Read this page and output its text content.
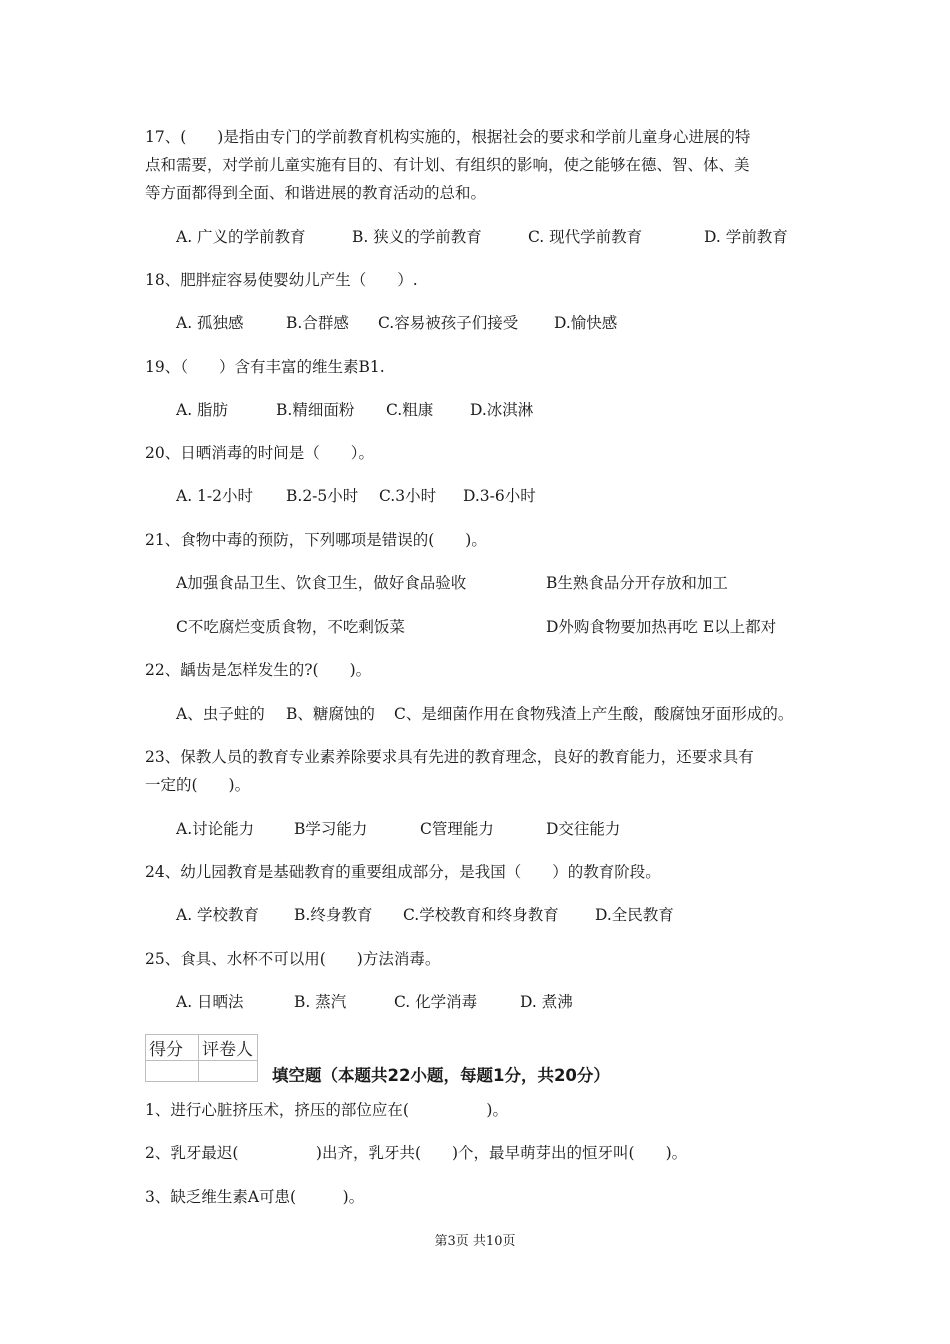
17、(　　)是指由专门的学前教育机构实施的，根据社会的要求和学前儿童身心进展的特
点和需要，对学前儿童实施有目的、有计划、有组织的影响，使之能够在德、智、体、美
等方面都得到全面、和谐进展的教育活动的总和。
A. 广义的学前教育	B. 狭义的学前教育	C. 现代学前教育	D. 学前教育
18、肥胖症容易使婴幼儿产生（　　）.
A. 孤独感	B.合群感 C.容易被孩子们接受 D.愉快感
19、（　　）含有丰富的维生素B1.
A. 脂肪	B.精细面粉 C.粗康 D.冰淇淋
20、日晒消毒的时间是（　　）。
A. 1-2小时 B.2-5小时 C.3小时 D.3-6小时
21、食物中毒的预防，下列哪项是错误的(　　)。
A加强食品卫生、饮食卫生，做好食品验收	B生熟食品分开存放和加工
C不吃腐烂变质食物，不吃剩饭菜	D外购食物要加热再吃 E以上都对
22、龋齿是怎样发生的?(　　)。
A、虫子蛀的 B、糖腐蚀的 C、是细菌作用在食物残渣上产生酸，酸腐蚀牙面形成的。
23、保教人员的教育专业素养除要求具有先进的教育理念，良好的教育能力，还要求具有
一定的(　　)。
A.讨论能力	B学习能力	C管理能力	D交往能力
24、幼儿园教育是基础教育的重要组成部分，是我国（　　）的教育阶段。
A. 学校教育 B.终身教育 C.学校教育和终身教育 D.全民教育
25、食具、水杯不可以用(　　)方法消毒。
A. 日晒法	B. 蒸汽	C. 化学消毒	D. 煮沸
得分	评卷人

填空题（本题共22小题，每题1分，共20分）
1、进行心脏挤压术，挤压的部位应在(　　　　　)。
2、乳牙最迟(　　　　　)出齐，乳牙共(　　)个，最早萌芽出的恒牙叫(　　)。
3、缺乏维生素A可患(　　　)。
第3页 共10页
